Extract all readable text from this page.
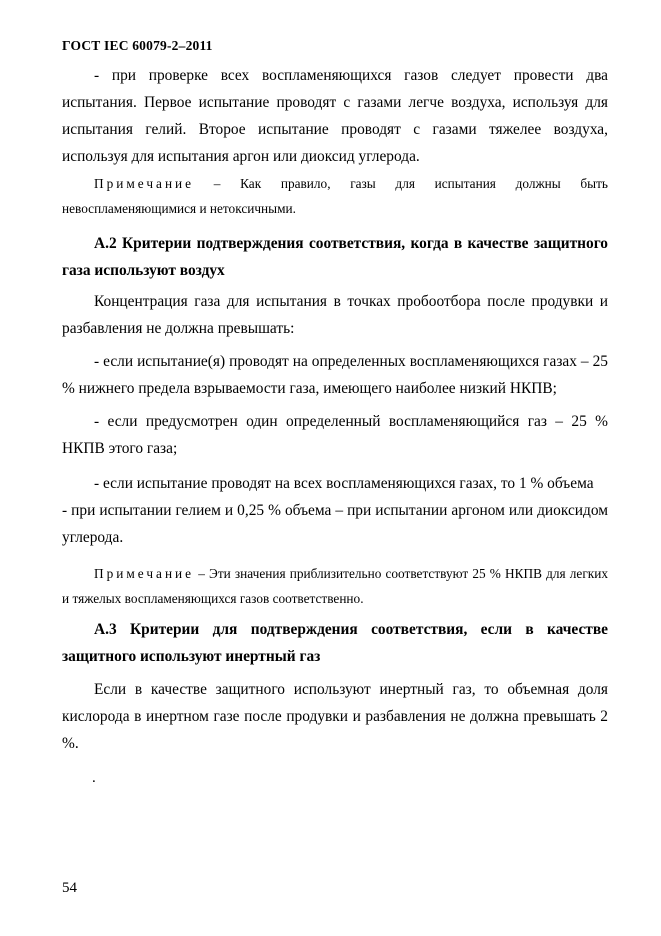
ГОСТ IEC 60079-2–2011

- при проверке всех воспламеняющихся газов следует провести два испытания. Первое испытание проводят с газами легче воздуха, используя для испытания гелий. Второе испытание проводят с газами тяжелее воздуха, используя для испытания аргон или диоксид углерода.

Примечание – Как правило, газы для испытания должны быть невоспламеняющимися и нетоксичными.

А.2 Критерии подтверждения соответствия, когда в качестве защитного газа используют воздух

Концентрация газа для испытания в точках пробоотбора после продувки и разбавления не должна превышать:

- если испытание(я) проводят на определенных воспламеняющихся газах – 25 % нижнего предела взрываемости газа, имеющего наиболее низкий НКПВ;

- если предусмотрен один определенный воспламеняющийся газ – 25 % НКПВ этого газа;

- если испытание проводят на всех воспламеняющихся газах, то 1 % объема
- при испытании гелием и 0,25 % объема – при испытании аргоном или диоксидом углерода.

Примечание – Эти значения приблизительно соответствуют 25 % НКПВ для легких и тяжелых воспламеняющихся газов соответственно.

А.3 Критерии для подтверждения соответствия, если в качестве защитного используют инертный газ

Если в качестве защитного используют инертный газ, то объемная доля кислорода в инертном газе после продувки и разбавления не должна превышать 2 %.

.

54
